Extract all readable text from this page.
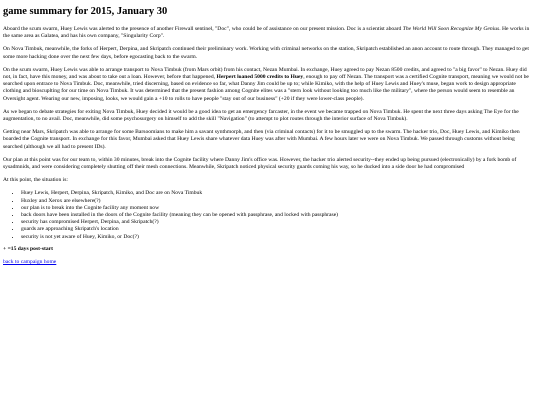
game summary for 2015, January 30

Aboard the scum swarm, Huey Lewis was alerted to the presence of another Firewall sentinel, "Doc", who could be of assistance on our present mission. Doc is a scientist aboard The World Will Soon Recognize My Genius. He works in the same area as Galatea, and has his own company, "Singularity Corp".

On Nova Timbuk, meanwhile, the forks of Herpert, Derpina, and Skripatch continued their preliminary work. Working with criminal networks on the station, Skripatch established an anon account to route through. They managed to get some more hacking done over the next few days, before egocasting back to the swarm.

On the scum swarm, Huey Lewis was able to arrange transport to Nova Timbuk (from Mars orbit) from his contact, Nezan Mumbai. In exchange, Huey agreed to pay Nezan 8500 credits, and agreed to "a big favor" to Nezan. Huey did not, in fact, have this money, and was about to take out a loan. However, before that happened, Herpert loaned 5000 credits to Huey, enough to pay off Nezan. The transport was a certified Cognite transport, meaning we would not be searched upon entrace to Nova Timbuk. Doc, meanwhile, tried discerning, based on evidence so far, what Danny Jim could be up to; while Kimiko, with the help of Huey Lewis and Huey's muse, began work to design appropriate clothing and bioscuplting for our time on Nova Timbuk. It was determined that the present fashion among Cognite elites was a "stern look without looking too much like the military", where the person would seem to resemble an Oversight agent. Wearing our new, imposing, looks, we would gain a +10 to rolls to have people "stay out of our business" (+20 if they were lower-class people).

As we began to debate strategies for exiting Nova Timbuk, Huey decided it would be a good idea to get an emergency farcaster, in the event we became trapped on Nova Timbuk. He spent the next three days asking The Eye for the augmentation, to no avail. Doc, meanwhile, did some psychosurgery on himself to add the skill "Navigation" (to attempt to plot routes through the interior surface of Nova Timbuk).

Getting near Mars, Skripatch was able to arrange for some Barsoomians to make him a savant synthmorph, and then (via criminal contacts) for it to be smuggled up to the swarm. The hacker trio, Doc, Huey Lewis, and Kimiko then boarded the Cognite transport. In exchange for this favor, Mumbai asked that Huey Lewis share whatever data Huey was after with Mumbai. A few hours later we were on Nova Timbuk. We passed through customs without being searched (although we all had to present IDs).

Our plan at this point was for our team to, within 30 minutes, break into the Cognite facility where Danny Jim's office was. However, the hacker trio alerted security--they ended up being pursued (electronically) by a fork bomb of sysadmnids, and were considering completely shutting off their mesh connections. Meanwhile, Skripatch noticed physical security guards coming his way, so he ducked into a side door he had compromised

At this point, the situation is:

• Huey Lewis, Herpert, Derpina, Skripatch, Kimiko, and Doc are on Nova Timbuk
• Huxley and Xerox are elsewhere(?)
• our plan is to break into the Cognite facility any moment now
• back doors have been installed in the doors of the Cognite facility (meaning they can be opened with passphrase, and locked with passphrase)
• security has compromised Herpert, Derpina, and Skripatch(?)
• guards are approaching Skripatch's location
• security is not yet aware of Huey, Kimiko, or Doc(?)

+ =15 days post-start

back to campaign home
